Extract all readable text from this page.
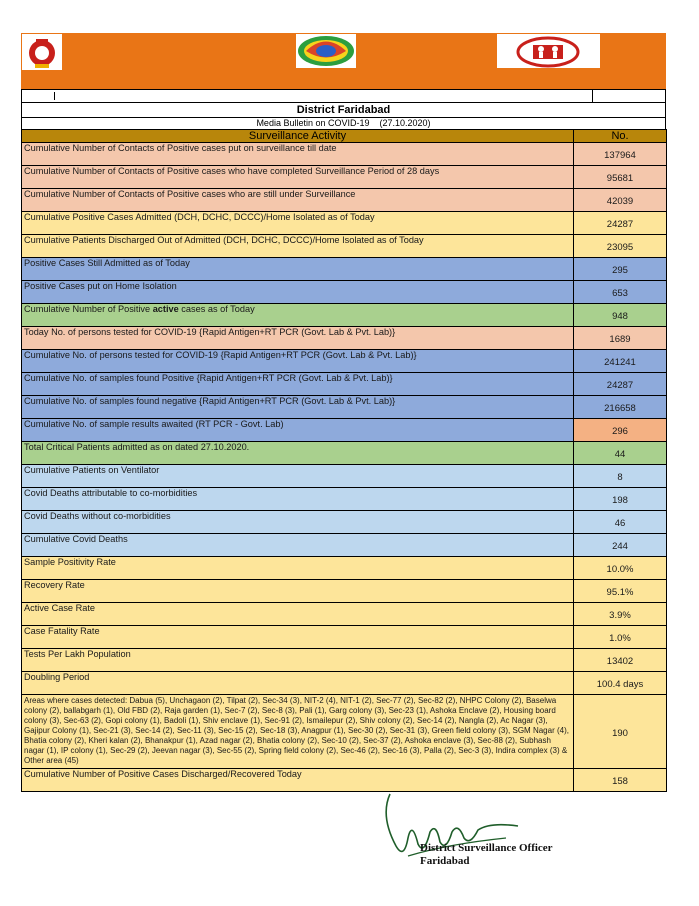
District Faridabad
Media Bulletin on COVID-19 (27.10.2020)
Surveillance Activity	No.
Cumulative Number of Contacts of Positive cases put on surveillance till date	137964
Cumulative Number of Contacts of Positive cases who have completed Surveillance Period of 28 days	95681
Cumulative Number of Contacts of Positive cases who are still under Surveillance	42039
Cumulative Positive Cases Admitted (DCH, DCHC, DCCC)/Home Isolated as of Today	24287
Cumulative Patients Discharged Out of Admitted (DCH, DCHC, DCCC)/Home Isolated as of Today	23095
Positive Cases Still Admitted as of Today	295
Positive Cases put on Home Isolation	653
Cumulative Number of Positive active cases as of Today	948
Today No. of persons tested for COVID-19 {Rapid Antigen+RT PCR (Govt. Lab & Pvt. Lab)}	1689
Cumulative No. of persons tested for COVID-19 {Rapid Antigen+RT PCR (Govt. Lab & Pvt. Lab)}	241241
Cumulative No. of samples found Positive {Rapid Antigen+RT PCR (Govt. Lab & Pvt. Lab)}	24287
Cumulative No. of samples found negative {Rapid Antigen+RT PCR (Govt. Lab & Pvt. Lab)}	216658
Cumulative No. of sample results awaited (RT PCR - Govt. Lab)	296
Total Critical Patients admitted as on dated 27.10.2020.	44
Cumulative Patients on Ventilator	8
Covid Deaths attributable to co-morbidities	198
Covid Deaths without co-morbidities	46
Cumulative Covid Deaths	244
Sample Positivity Rate	10.0%
Recovery Rate	95.1%
Active Case Rate	3.9%
Case Fatality Rate	1.0%
Tests Per Lakh Population	13402
Doubling Period	100.4 days
Areas where cases detected: Dabua (5), Unchagaon (2), Tilpat (2), Sec-34 (3), NIT-2 (4), NIT-1 (2), Sec-77 (2), Sec-82 (2), NHPC Colony (2), Baselwa colony (2), ballabgarh (1), Old FBD (2), Raja garden (1), Sec-7 (2), Sec-8 (3), Pali (1), Garg colony (3), Sec-23 (1), Ashoka Enclave (2), Housing board colony (3), Sec-63 (2), Gopi colony (1), Badoli (1), Shiv enclave (1), Sec-91 (2), Ismailepur (2), Shiv colony (2), Sec-14 (2), Nangla (2), Ac Nagar (3), Gajipur Colony (1), Sec-21 (3), Sec-14 (2), Sec-11 (3), Sec-15 (2), Sec-18 (3), Anagpur (1), Sec-30 (2), Sec-31 (3), Green field colony (3), SGM Nagar (4), Bhatia colony (2), Kheri kalan (2), Bhanakpur (1), Azad nagar (2), Bhatia colony (2), Sec-10 (2), Sec-37 (2), Ashoka enclave (3), Sec-88 (2), Subhash nagar (1), IP colony (1), Sec-29 (2), Jeevan nagar (3), Sec-55 (2), Spring field colony (2), Sec-46 (2), Sec-16 (3), Palla (2), Sec-3 (3), Indira complex (3) & Other area (45)	190
Cumulative Number of Positive Cases Discharged/Recovered Today	158
District Surveillance Officer
Faridabad
